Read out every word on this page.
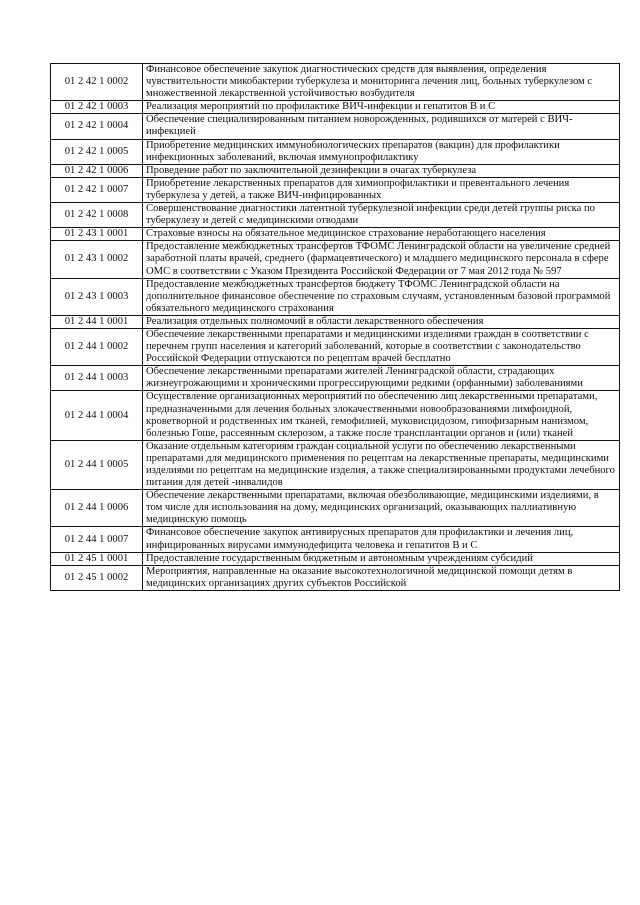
01 2 42 1 0002	Финансовое обеспечение закупок диагностических средств для выявления, определения чувствительности микобактерии туберкулеза и мониторинга лечения лиц, больных туберкулезом с множественной лекарственной устойчивостью возбудителя
01 2 42 1 0003	Реализация мероприятий по профилактике ВИЧ-инфекции и гепатитов В и С
01 2 42 1 0004	Обеспечение специализированным питанием новорожденных, родившихся от матерей с ВИЧ- инфекцией
01 2 42 1 0005	Приобретение медицинских иммунобиологических препаратов (вакцин) для профилактики инфекционных заболеваний, включая иммунопрофилактику
01 2 42 1 0006	Проведение работ по заключительной дезинфекции в очагах туберкулеза
01 2 42 1 0007	Приобретение лекарственных препаратов для химиопрофилактики и превентального лечения туберкулеза у детей, а также ВИЧ-инфицированных
01 2 42 1 0008	Совершенствование диагностики латентной туберкулезной инфекции среди детей группы риска по туберкулезу и детей с медицинскими отводами
01 2 43 1 0001	Страховые взносы на обязательное медицинское страхование неработающего населения
01 2 43 1 0002	Предоставление межбюджетных трансфертов ТФОМС Ленинградской области на увеличение средней заработной платы врачей, среднего (фармацевтического) и младшего медицинского персонала в сфере ОМС в соответствии с Указом Президента Российской Федерации от 7 мая 2012 года № 597
01 2 43 1 0003	Предоставление межбюджетных трансфертов бюджету ТФОМС Ленинградской области на дополнительное финансовое обеспечение по страховым случаям, установленным базовой программой обязательного медицинского страхования
01 2 44 1 0001	Реализация отдельных полномочий в области лекарственного обеспечения
01 2 44 1 0002	Обеспечение лекарственными препаратами и медицинскими изделиями граждан в соответствии с перечнем групп населения и категорий заболеваний, которые в соответствии с законодательство Российской Федерации отпускаются по рецептам врачей бесплатно
01 2 44 1 0003	Обеспечение лекарственными препаратами жителей Ленинградской области, страдающих жизнеугрожающими и хроническими прогрессирующими редкими (орфанными) заболеваниями
01 2 44 1 0004	Осуществление организационных мероприятий по обеспечению лиц лекарственными препаратами, предназначенными для лечения больных злокачественными новообразованиями лимфоидной, кроветворной и родственных им тканей, гемофилией, муковисцидозом, гипофизарным нанизмом, болезнью Гоше, рассеянным склерозом, а также после трансплантации органов и (или) тканей
01 2 44 1 0005	Оказание отдельным категориям граждан социальной услуги по обеспечению лекарственными препаратами для медицинского применения по рецептам на лекарственные препараты, медицинскими изделиями по рецептам на медицинские изделия, а также специализированными продуктами лечебного питания для детей -инвалидов
01 2 44 1 0006	Обеспечение лекарственными препаратами, включая обезболивающие, медицинскими изделиями, в том числе для использования на дому, медицинских организаций, оказывающих паллиативную медицинскую помощь
01 2 44 1 0007	Финансовое обеспечение закупок антивирусных препаратов для профилактики и лечения лиц, инфицированных вирусами иммунодефицита человека и гепатитов В и С
01 2 45 1 0001	Предоставление государственным бюджетным и автономным учреждениям субсидий
01 2 45 1 0002	Мероприятия, направленные на оказание высокотехнологичной медицинской помощи детям в медицинских организациях других субъектов Российской
